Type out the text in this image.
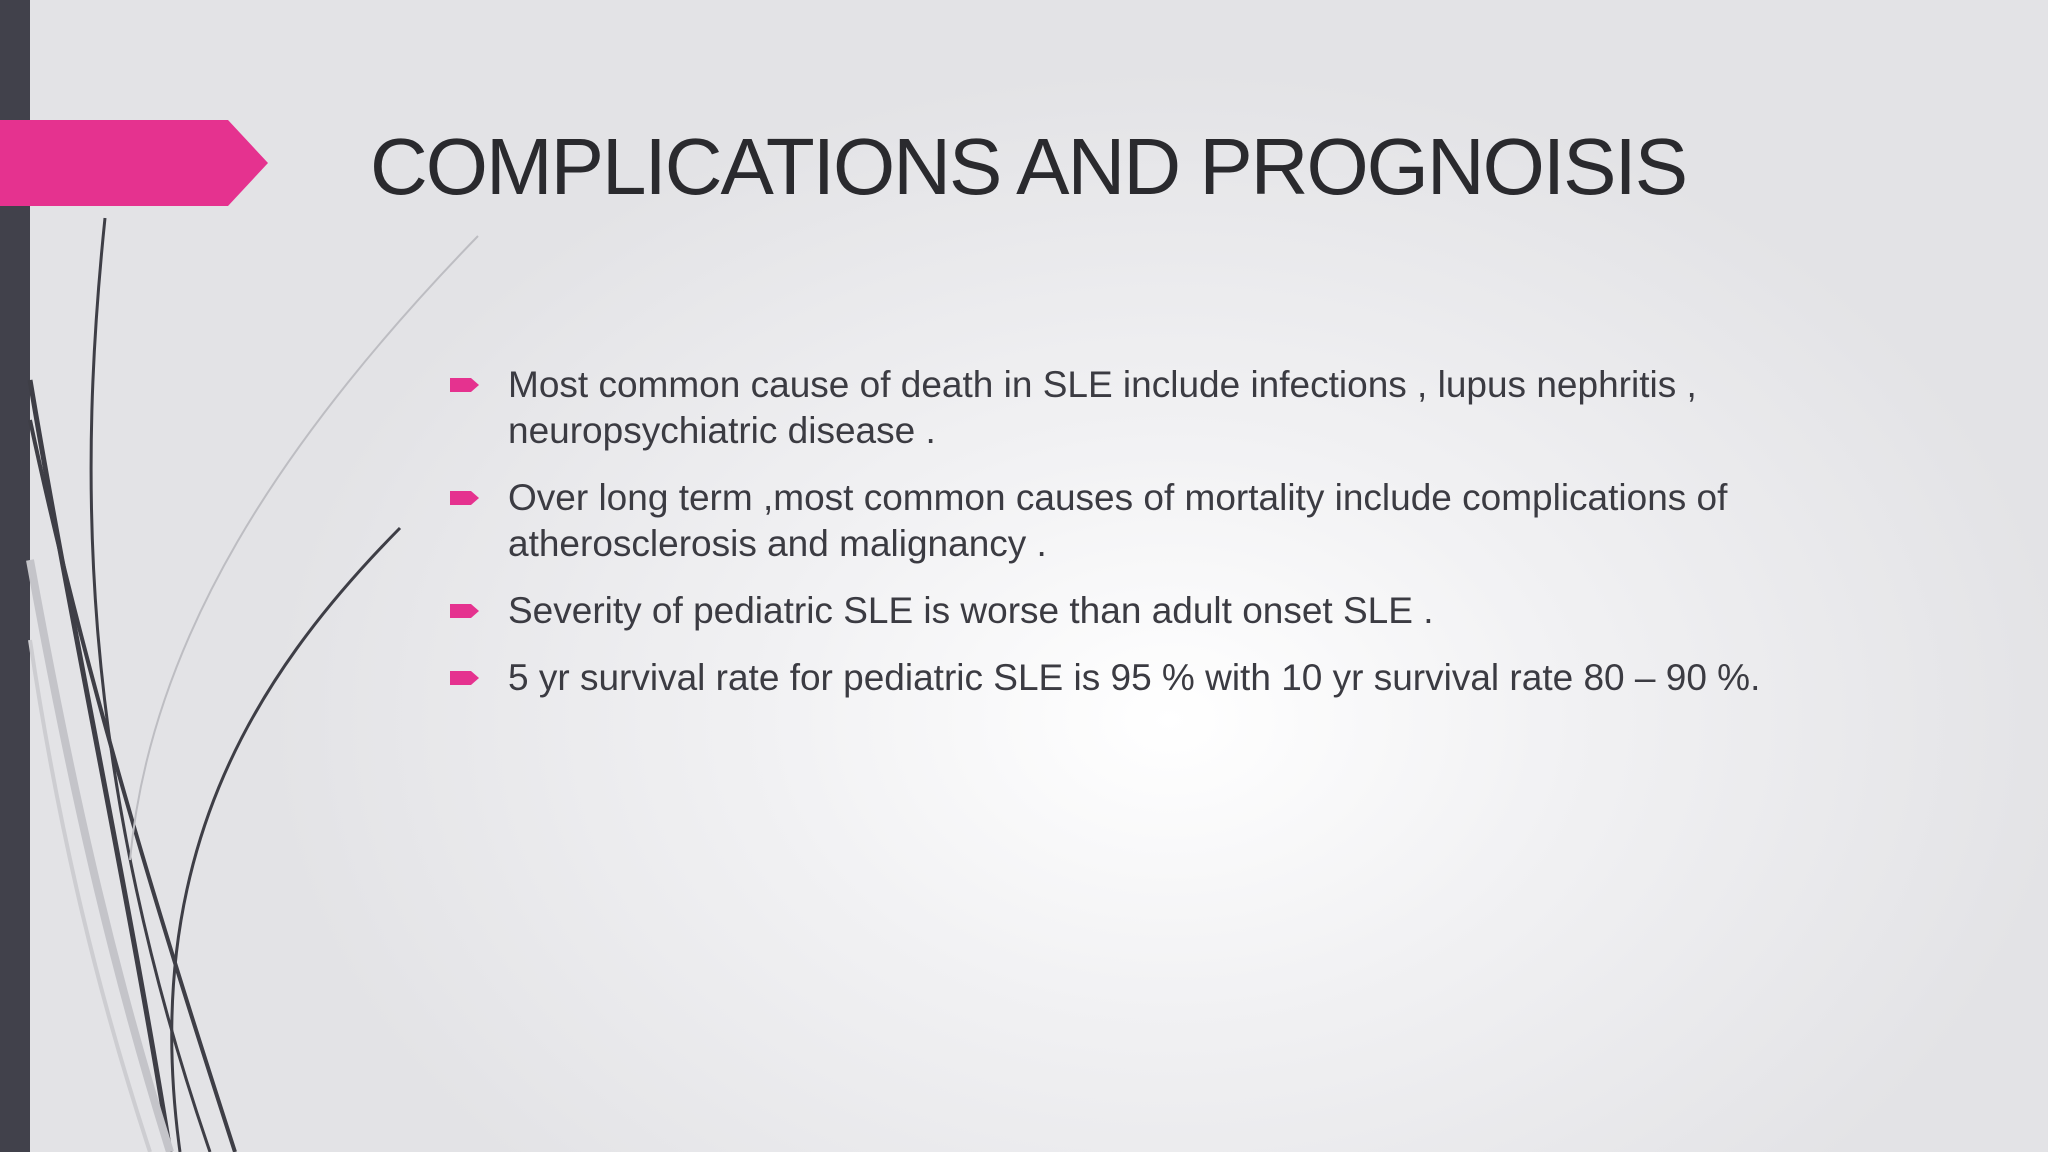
COMPLICATIONS AND PROGNOISIS
Most common cause of death in SLE include infections , lupus nephritis , neuropsychiatric disease .
Over long term ,most common causes of mortality include complications of atherosclerosis and malignancy .
Severity of pediatric SLE is worse than adult onset SLE .
5 yr survival rate for pediatric SLE is 95 % with 10 yr survival rate 80 – 90 %.
